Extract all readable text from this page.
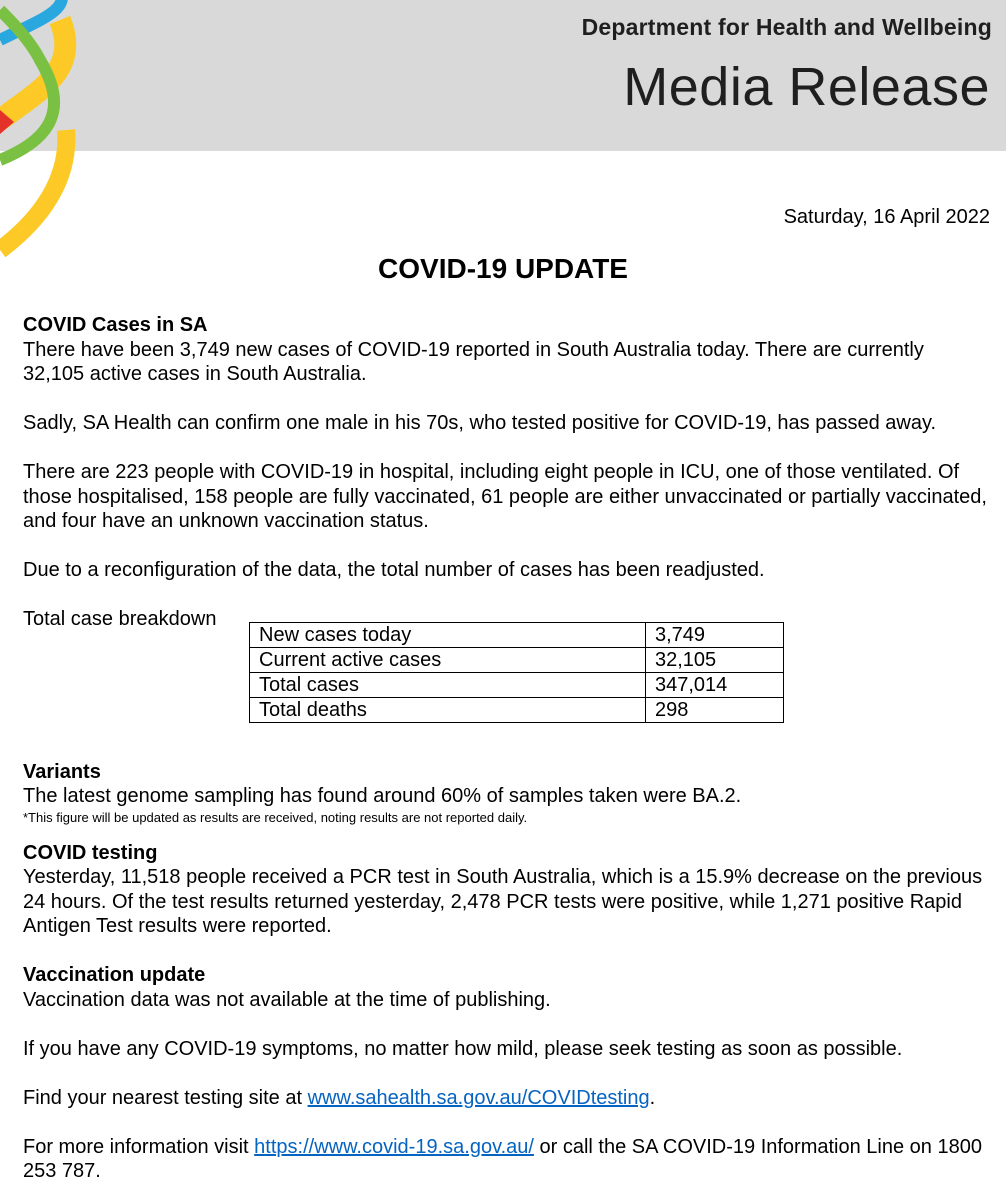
Department for Health and Wellbeing
Media Release
Saturday, 16 April 2022
COVID-19 UPDATE

COVID Cases in SA

There have been 3,749 new cases of COVID-19 reported in South Australia today. There are currently 32,105 active cases in South Australia.

Sadly, SA Health can confirm one male in his 70s, who tested positive for COVID-19, has passed away.

There are 223 people with COVID-19 in hospital, including eight people in ICU, one of those ventilated. Of those hospitalised, 158 people are fully vaccinated, 61 people are either unvaccinated or partially vaccinated, and four have an unknown vaccination status.

Due to a reconfiguration of the data, the total number of cases has been readjusted.

Total case breakdown

New cases today	3,749
Current active cases	32,105
Total cases	347,014
Total deaths	298

Variants

The latest genome sampling has found around 60% of samples taken were BA.2.

*This figure will be updated as results are received, noting results are not reported daily.

COVID testing

Yesterday, 11,518 people received a PCR test in South Australia, which is a 15.9% decrease on the previous 24 hours. Of the test results returned yesterday, 2,478 PCR tests were positive, while 1,271 positive Rapid Antigen Test results were reported.

Vaccination update

Vaccination data was not available at the time of publishing.

If you have any COVID-19 symptoms, no matter how mild, please seek testing as soon as possible.

Find your nearest testing site at www.sahealth.sa.gov.au/COVIDtesting.

For more information visit https://www.covid-19.sa.gov.au/ or call the SA COVID-19 Information Line on 1800 253 787.
